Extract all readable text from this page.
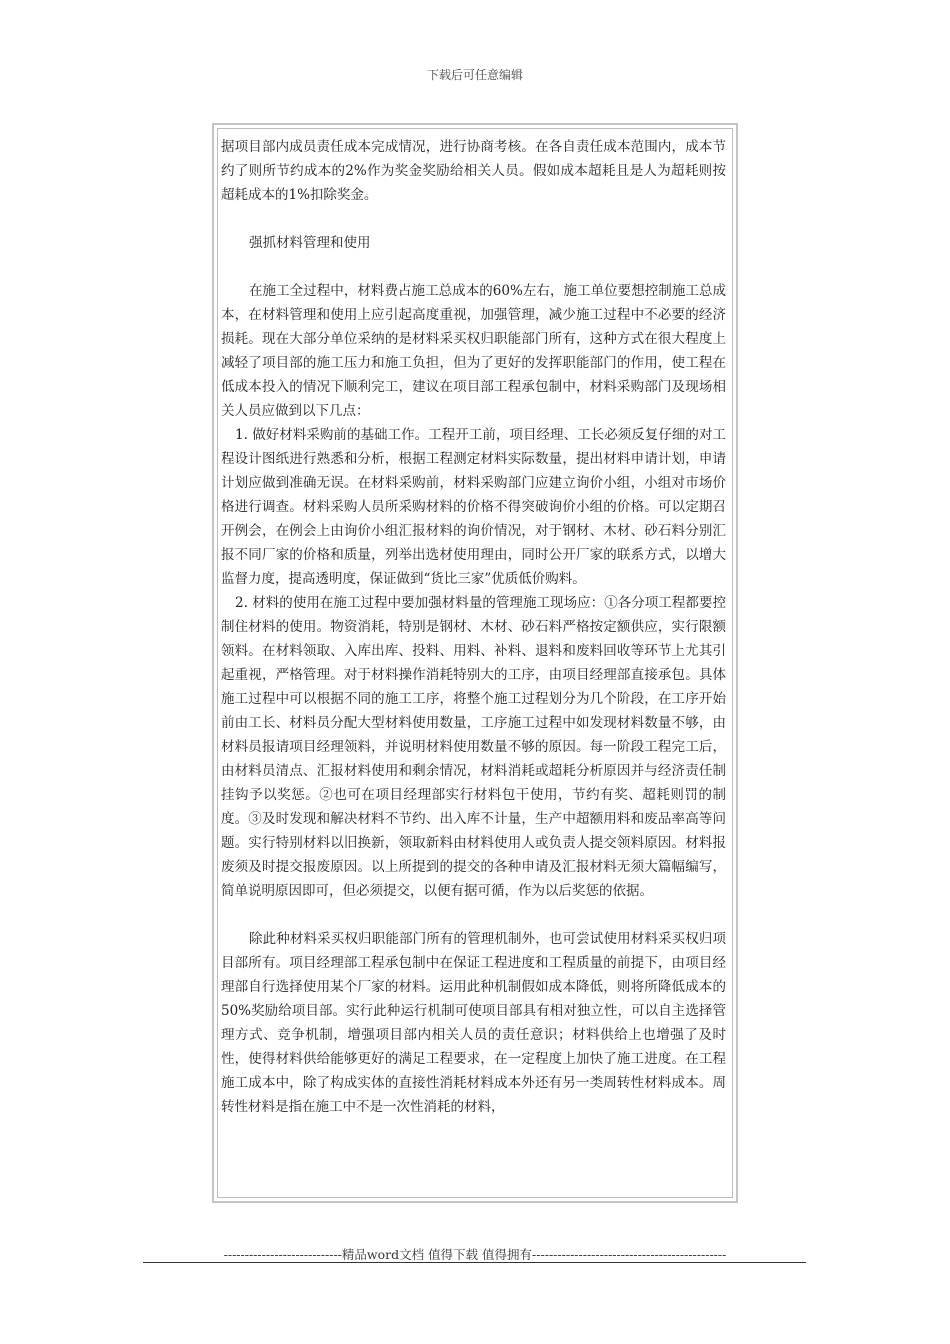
下载后可任意编辑

据项目部内成员责任成本完成情况，进行协商考核。在各自责任成本范围内，成本节约了则所节约成本的2%作为奖金奖励给相关人员。假如成本超耗且是人为超耗则按超耗成本的1%扣除奖金。

强抓材料管理和使用

在施工全过程中，材料费占施工总成本的60%左右，施工单位要想控制施工总成本，在材料管理和使用上应引起高度重视，加强管理，减少施工过程中不必要的经济损耗。现在大部分单位采纳的是材料采买权归职能部门所有，这种方式在很大程度上减轻了项目部的施工压力和施工负担，但为了更好的发挥职能部门的作用，使工程在低成本投入的情况下顺利完工，建议在项目部工程承包制中，材料采购部门及现场相关人员应做到以下几点：

1. 做好材料采购前的基础工作。工程开工前，项目经理、工长必须反复仔细的对工程设计图纸进行熟悉和分析，根据工程测定材料实际数量，提出材料申请计划，申请计划应做到准确无误。在材料采购前，材料采购部门应建立询价小组，小组对市场价格进行调查。材料采购人员所采购材料的价格不得突破询价小组的价格。可以定期召开例会，在例会上由询价小组汇报材料的询价情况，对于钢材、木材、砂石料分别汇报不同厂家的价格和质量，列举出选材使用理由，同时公开厂家的联系方式，以增大监督力度，提高透明度，保证做到“货比三家”优质低价购料。

2. 材料的使用在施工过程中要加强材料量的管理施工现场应：①各分项工程都要控制住材料的使用。物资消耗，特别是钢材、木材、砂石料严格按定额供应，实行限额领料。在材料领取、入库出库、投料、用料、补料、退料和废料回收等环节上尤其引起重视，严格管理。对于材料操作消耗特别大的工序，由项目经理部直接承包。具体施工过程中可以根据不同的施工工序，将整个施工过程划分为几个阶段，在工序开始前由工长、材料员分配大型材料使用数量，工序施工过程中如发现材料数量不够，由材料员报请项目经理领料，并说明材料使用数量不够的原因。每一阶段工程完工后，由材料员清点、汇报材料使用和剩余情况，材料消耗或超耗分析原因并与经济责任制挂钩予以奖惩。②也可在项目经理部实行材料包干使用，节约有奖、超耗则罚的制度。③及时发现和解决材料不节约、出入库不计量，生产中超额用料和废品率高等问题。实行特别材料以旧换新，领取新料由材料使用人或负责人提交领料原因。材料报废须及时提交报废原因。以上所提到的提交的各种申请及汇报材料无须大篇幅编写，简单说明原因即可，但必须提交，以便有据可循，作为以后奖惩的依据。

除此种材料采买权归职能部门所有的管理机制外，也可尝试使用材料采买权归项目部所有。项目经理部工程承包制中在保证工程进度和工程质量的前提下，由项目经理部自行选择使用某个厂家的材料。运用此种机制假如成本降低，则将所降低成本的50%奖励给项目部。实行此种运行机制可使项目部具有相对独立性，可以自主选择管理方式、竞争机制，增强项目部内相关人员的责任意识；材料供给上也增强了及时性，使得材料供给能够更好的满足工程要求，在一定程度上加快了施工进度。在工程施工成本中，除了构成实体的直接性消耗材料成本外还有另一类周转性材料成本。周转性材料是指在施工中不是一次性消耗的材料，

----------------------------精品word文档 值得下载 值得拥有----------------------------------------------
